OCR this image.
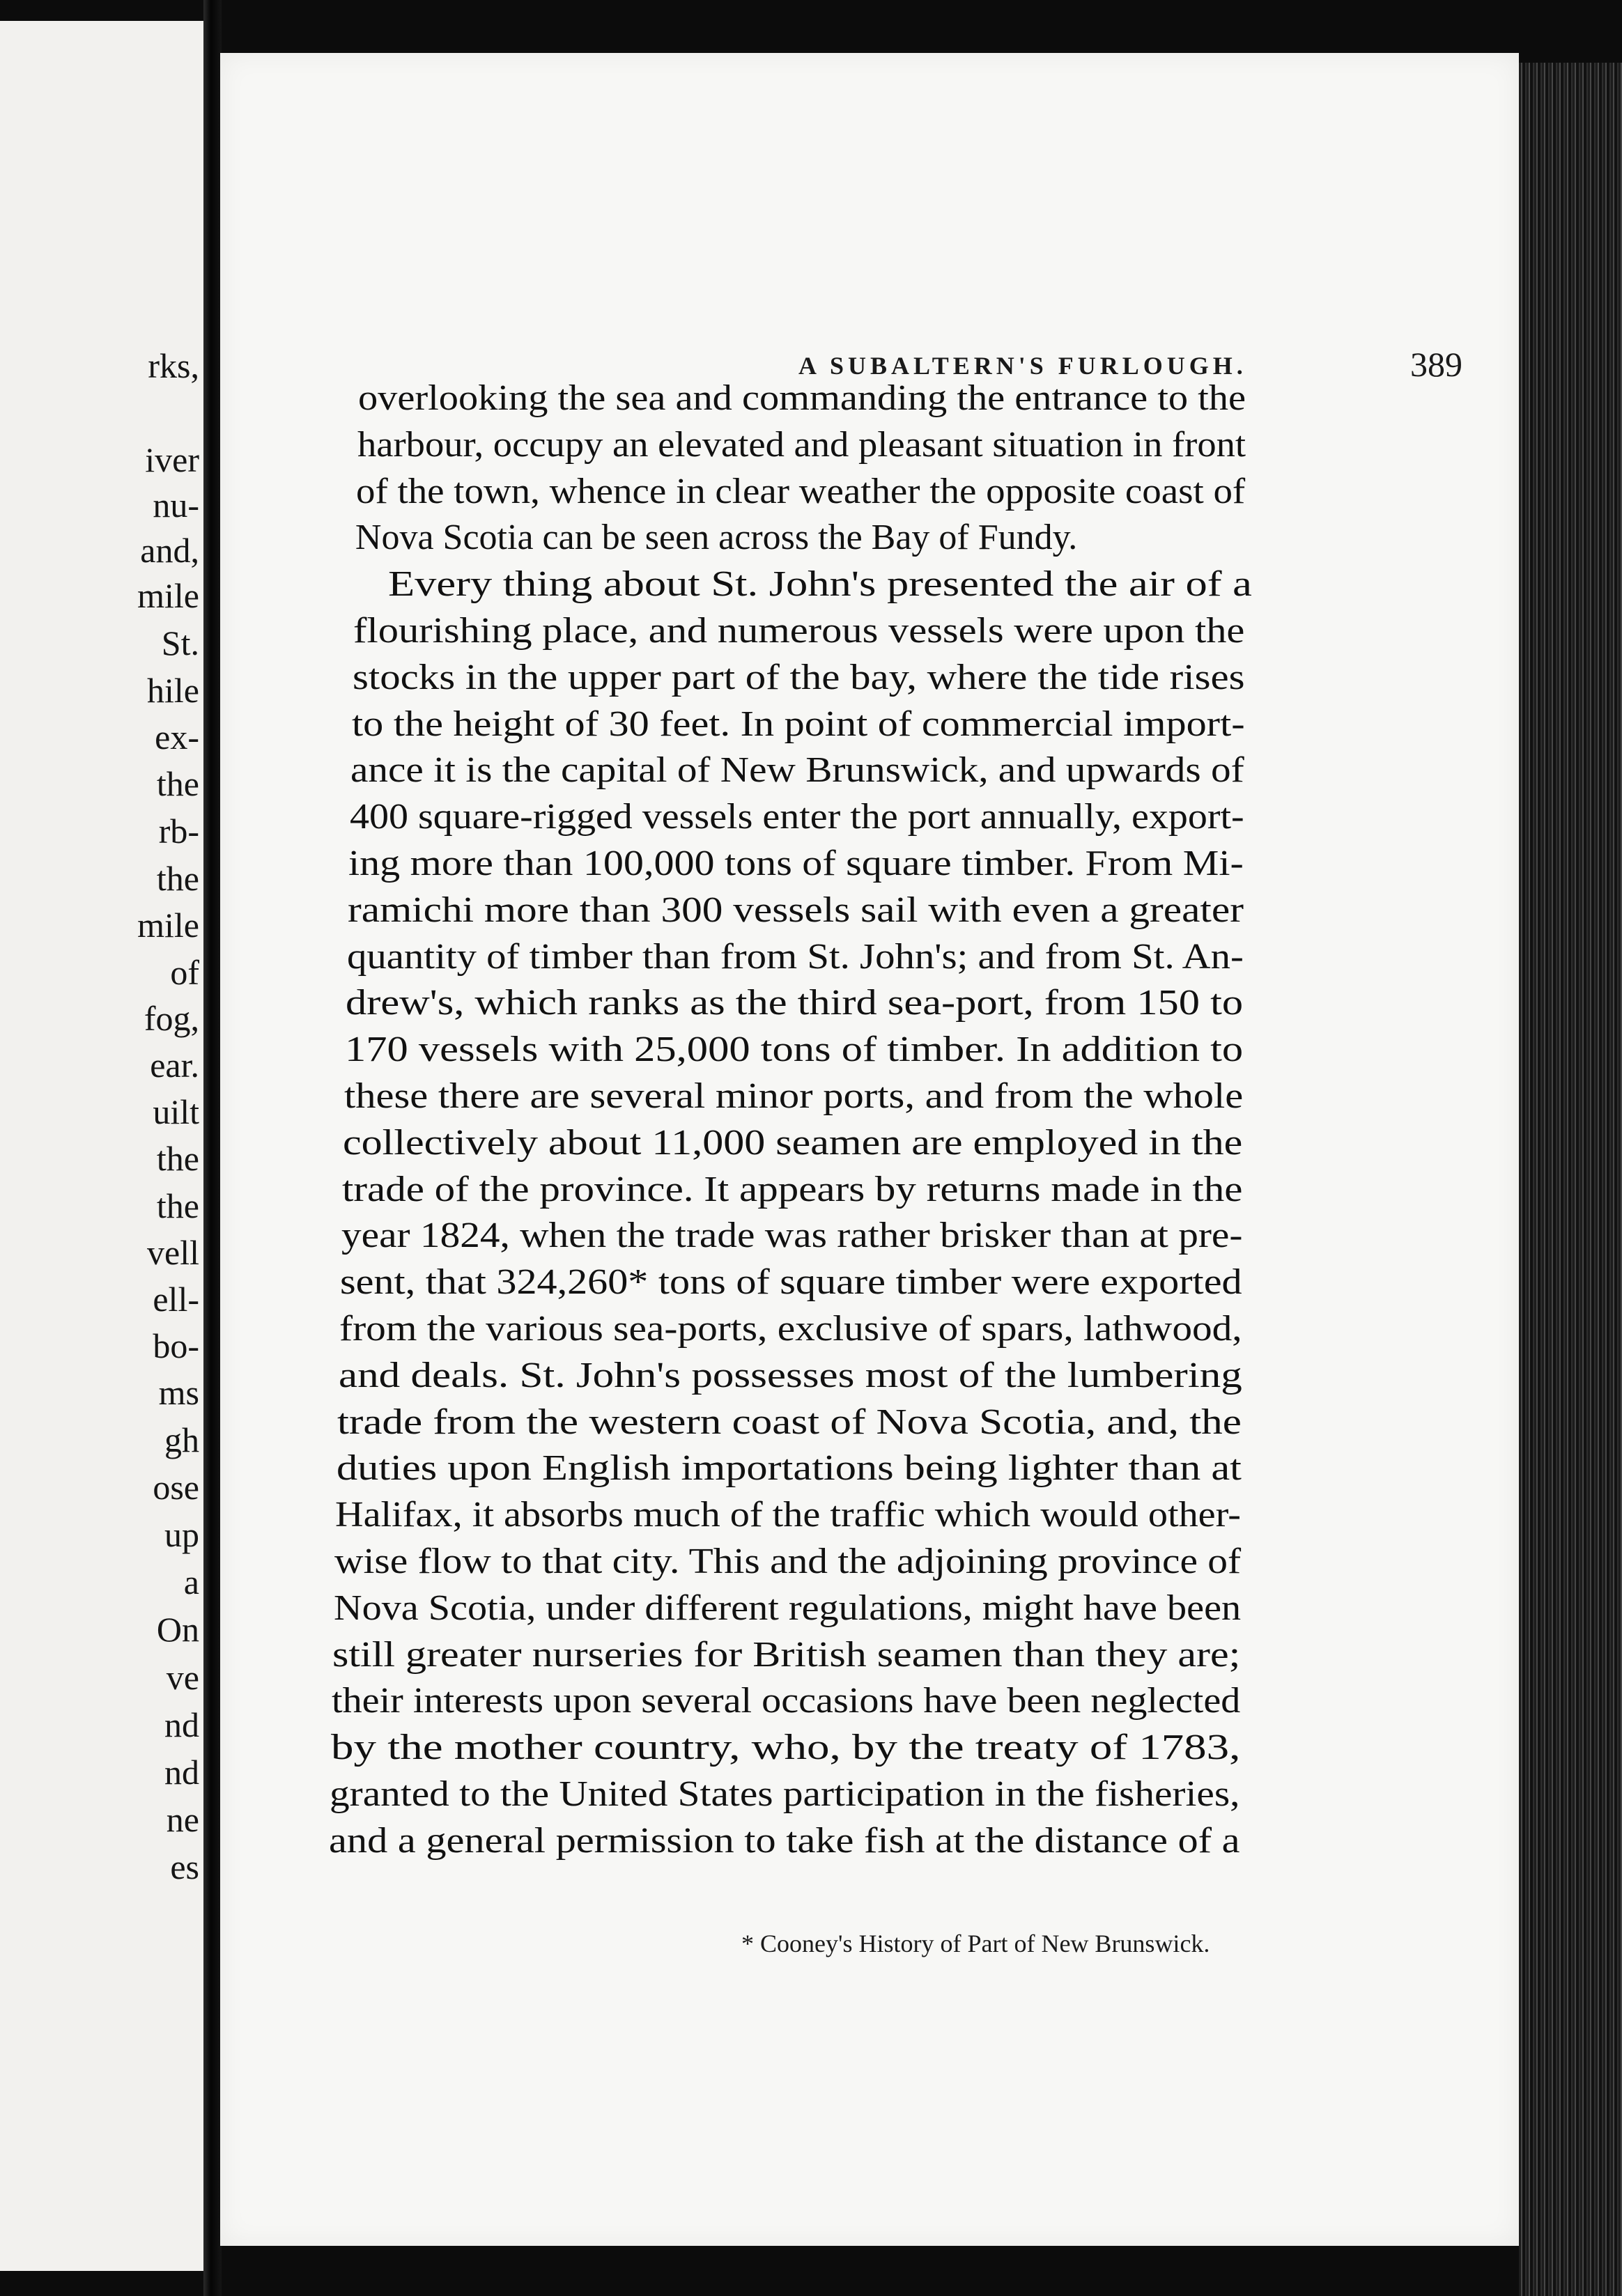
rks,
iver
nu-
and,
mile
St.
hile
ex-
the
rb-
the
mile
of
fog,
ear.
uilt
the
the
vell
ell-
bo-
ms
gh
ose
up
a
On
ve
nd
nd
ne
es
A SUBALTERN'S FURLOUGH.	389
overlooking the sea and commanding the entrance to the
harbour, occupy an elevated and pleasant situation in front
of the town, whence in clear weather the opposite coast of
Nova Scotia can be seen across the Bay of Fundy.
Every thing about St. John's presented the air of a
flourishing place, and numerous vessels were upon the
stocks in the upper part of the bay, where the tide rises
to the height of 30 feet. In point of commercial import-
ance it is the capital of New Brunswick, and upwards of
400 square-rigged vessels enter the port annually, export-
ing more than 100,000 tons of square timber. From Mi-
ramichi more than 300 vessels sail with even a greater
quantity of timber than from St. John's; and from St. An-
drew's, which ranks as the third sea-port, from 150 to
170 vessels with 25,000 tons of timber. In addition to
these there are several minor ports, and from the whole
collectively about 11,000 seamen are employed in the
trade of the province. It appears by returns made in the
year 1824, when the trade was rather brisker than at pre-
sent, that 324,260* tons of square timber were exported
from the various sea-ports, exclusive of spars, lathwood,
and deals. St. John's possesses most of the lumbering
trade from the western coast of Nova Scotia, and, the
duties upon English importations being lighter than at
Halifax, it absorbs much of the traffic which would other-
wise flow to that city. This and the adjoining province of
Nova Scotia, under different regulations, might have been
still greater nurseries for British seamen than they are;
their interests upon several occasions have been neglected
by the mother country, who, by the treaty of 1783,
granted to the United States participation in the fisheries,
and a general permission to take fish at the distance of a
* Cooney's History of Part of New Brunswick.
